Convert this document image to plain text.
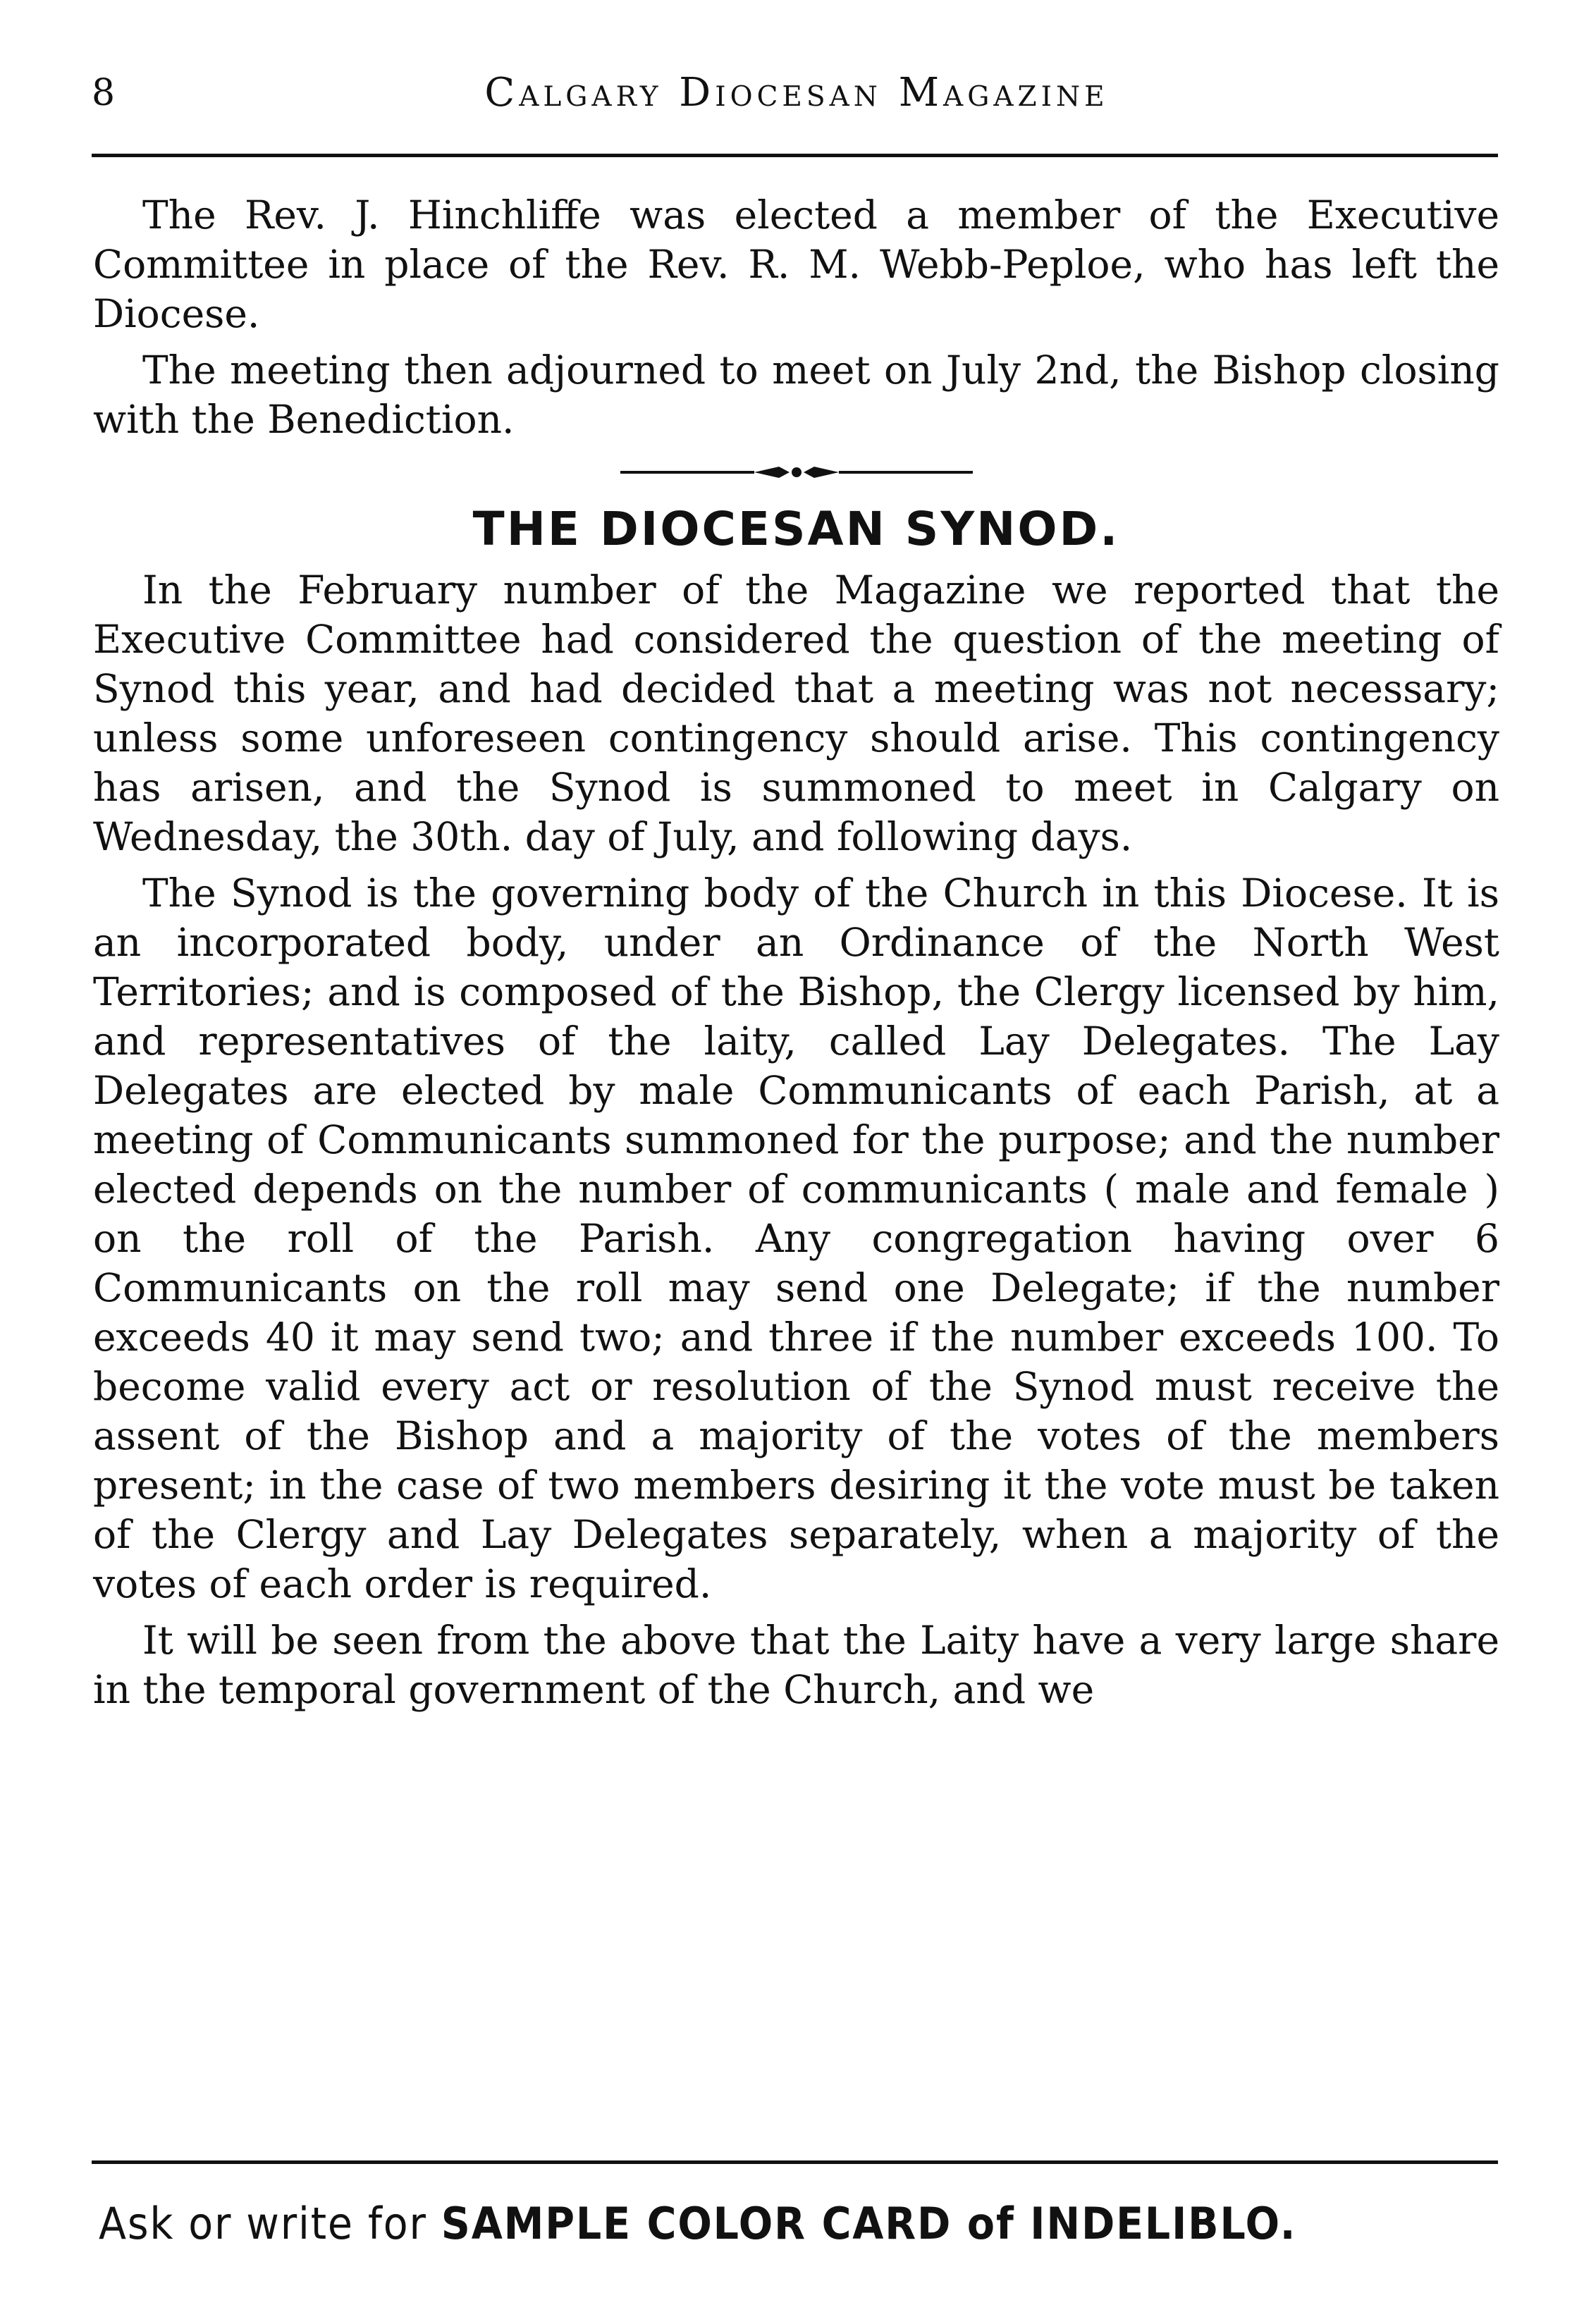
8	Calgary Diocesan Magazine

The Rev. J. Hinchliffe was elected a member of the Executive Committee in place of the Rev. R. M. Webb-Peploe, who has left the Diocese.

The meeting then adjourned to meet on July 2nd, the Bishop closing with the Benediction.

THE DIOCESAN SYNOD.

In the February number of the Magazine we reported that the Executive Committee had considered the question of the meeting of Synod this year, and had decided that a meeting was not necessary; unless some unforeseen contingency should arise. This contingency has arisen, and the Synod is summoned to meet in Calgary on Wednesday, the 30th. day of July, and following days.

The Synod is the governing body of the Church in this Diocese. It is an incorporated body, under an Ordinance of the North West Territories; and is composed of the Bishop, the Clergy licensed by him, and representatives of the laity, called Lay Delegates. The Lay Delegates are elected by male Communicants of each Parish, at a meeting of Communicants summoned for the purpose; and the number elected depends on the number of communicants ( male and female ) on the roll of the Parish. Any congregation having over 6 Communicants on the roll may send one Delegate; if the number exceeds 40 it may send two; and three if the number exceeds 100. To become valid every act or resolution of the Synod must receive the assent of the Bishop and a majority of the votes of the members present; in the case of two members desiring it the vote must be taken of the Clergy and Lay Delegates separately, when a majority of the votes of each order is required.

It will be seen from the above that the Laity have a very large share in the temporal government of the Church, and we

Ask or write for SAMPLE COLOR CARD of INDELIBLO.
